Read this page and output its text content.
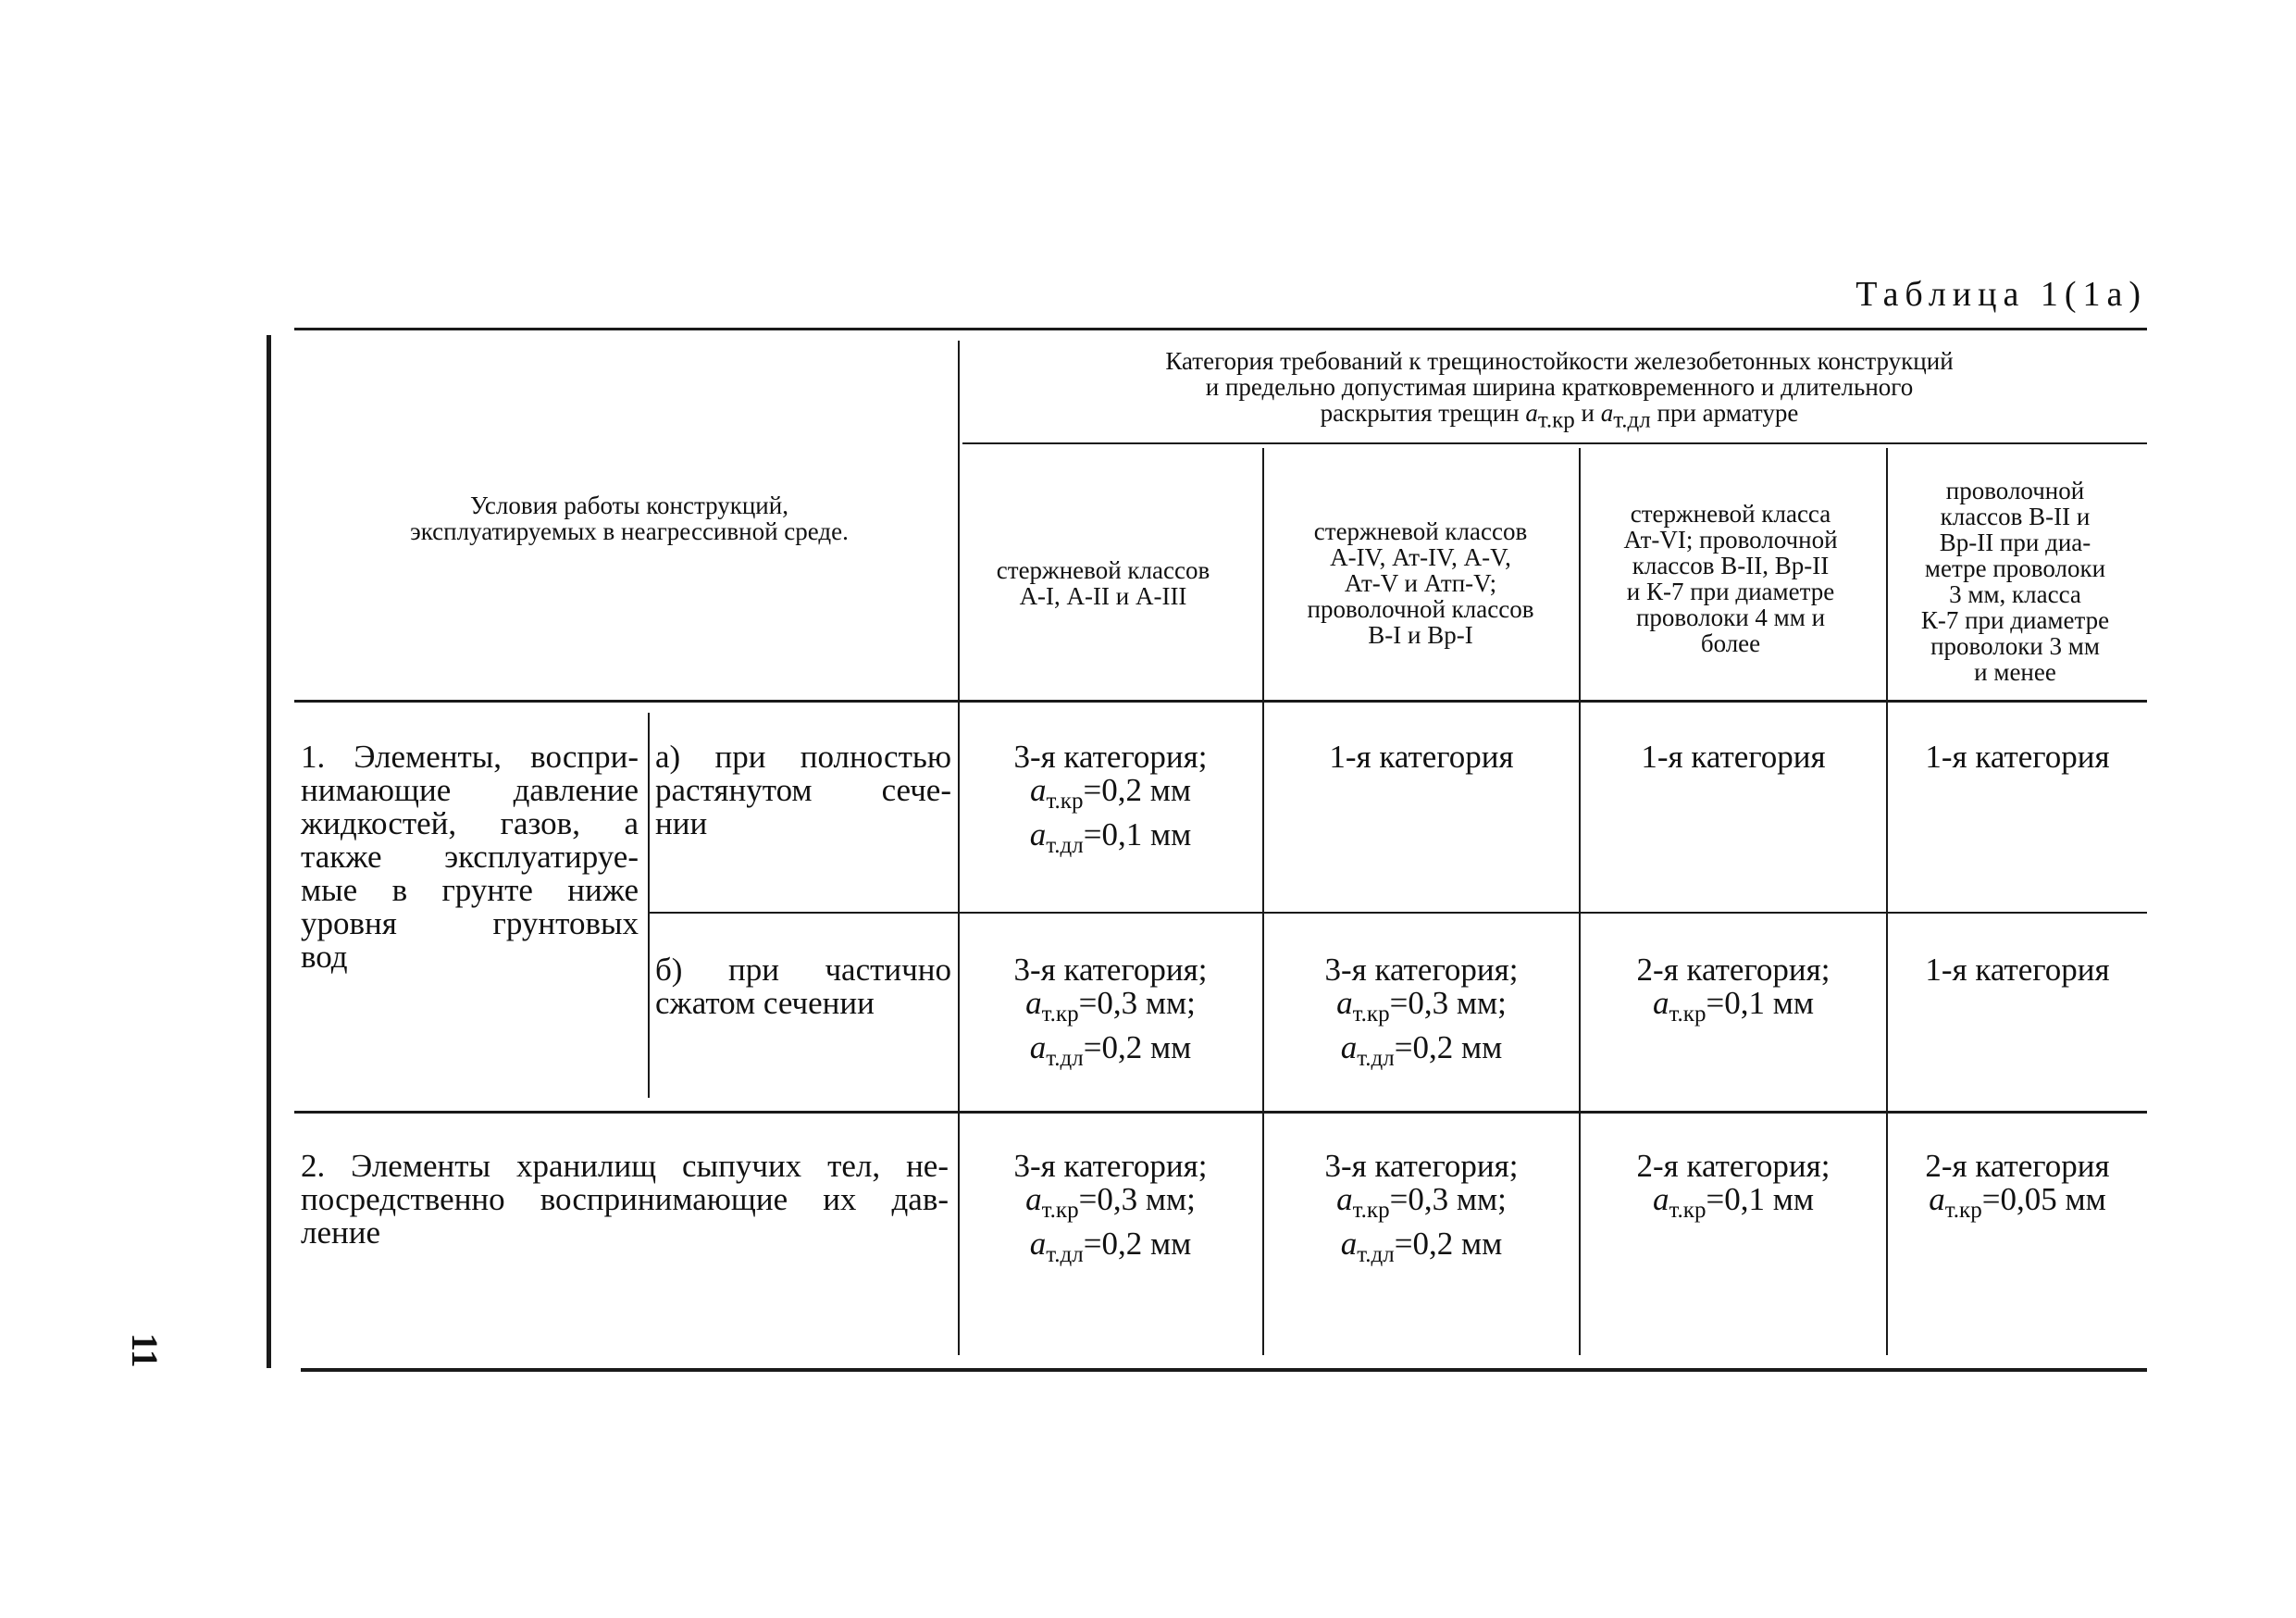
Таблица 1(1а)
11
Условия работы конструкций,
эксплуатируемых в неагрессивной среде.
Категория требований к трещиностойкости железобетонных конструкций
и предельно допустимая ширина кратковременного и длительного
раскрытия трещин $a_{т.кр}$ и $a_{т.дл}$ при арматуре
стержневой классов
А-I, А-II и А-III
стержневой классов
А-IV, Ат-IV, А-V,
Ат-V и Атп-V;
проволочной классов
В-I и Вр-I
стержневой класса
Ат-VI; проволочной
классов В-II, Вр-II
и К-7 при диаметре
проволоки 4 мм и
более
проволочной
классов В-II и
Вр-II при диа-
метре проволоки
3 мм, класса
К-7 при диаметре
проволоки 3 мм
и менее
1. Элементы, воспри-
нимающие давление
жидкостей, газов, а
также эксплуатируе-
мые в грунте ниже
уровня грунтовых
вод
а) при полностью
растянутом сече-
нии
б) при частично
сжатом сечении
2. Элементы хранилищ сыпучих тел, не-
посредственно воспринимающие их дав-
ление
3-я категория;
$a_{т.кр}=0,2$ мм
$a_{т.дл}=0,1$ мм
1-я категория	1-я категория	1-я категория
3-я категория;
$a_{т.кр}=0,3$ мм;
$a_{т.дл}=0,2$ мм
3-я категория;
$a_{т.кр}=0,3$ мм;
$a_{т.дл}=0,2$ мм
2-я категория;
$a_{т.кр}=0,1$ мм
1-я категория
3-я категория;
$a_{т.кр}=0,3$ мм;
$a_{т.дл}=0,2$ мм
3-я категория;
$a_{т.кр}=0,3$ мм;
$a_{т.дл}=0,2$ мм
2-я категория;
$a_{т.кр}=0,1$ мм
2-я категория
$a_{т.кр}=0,05$ мм
